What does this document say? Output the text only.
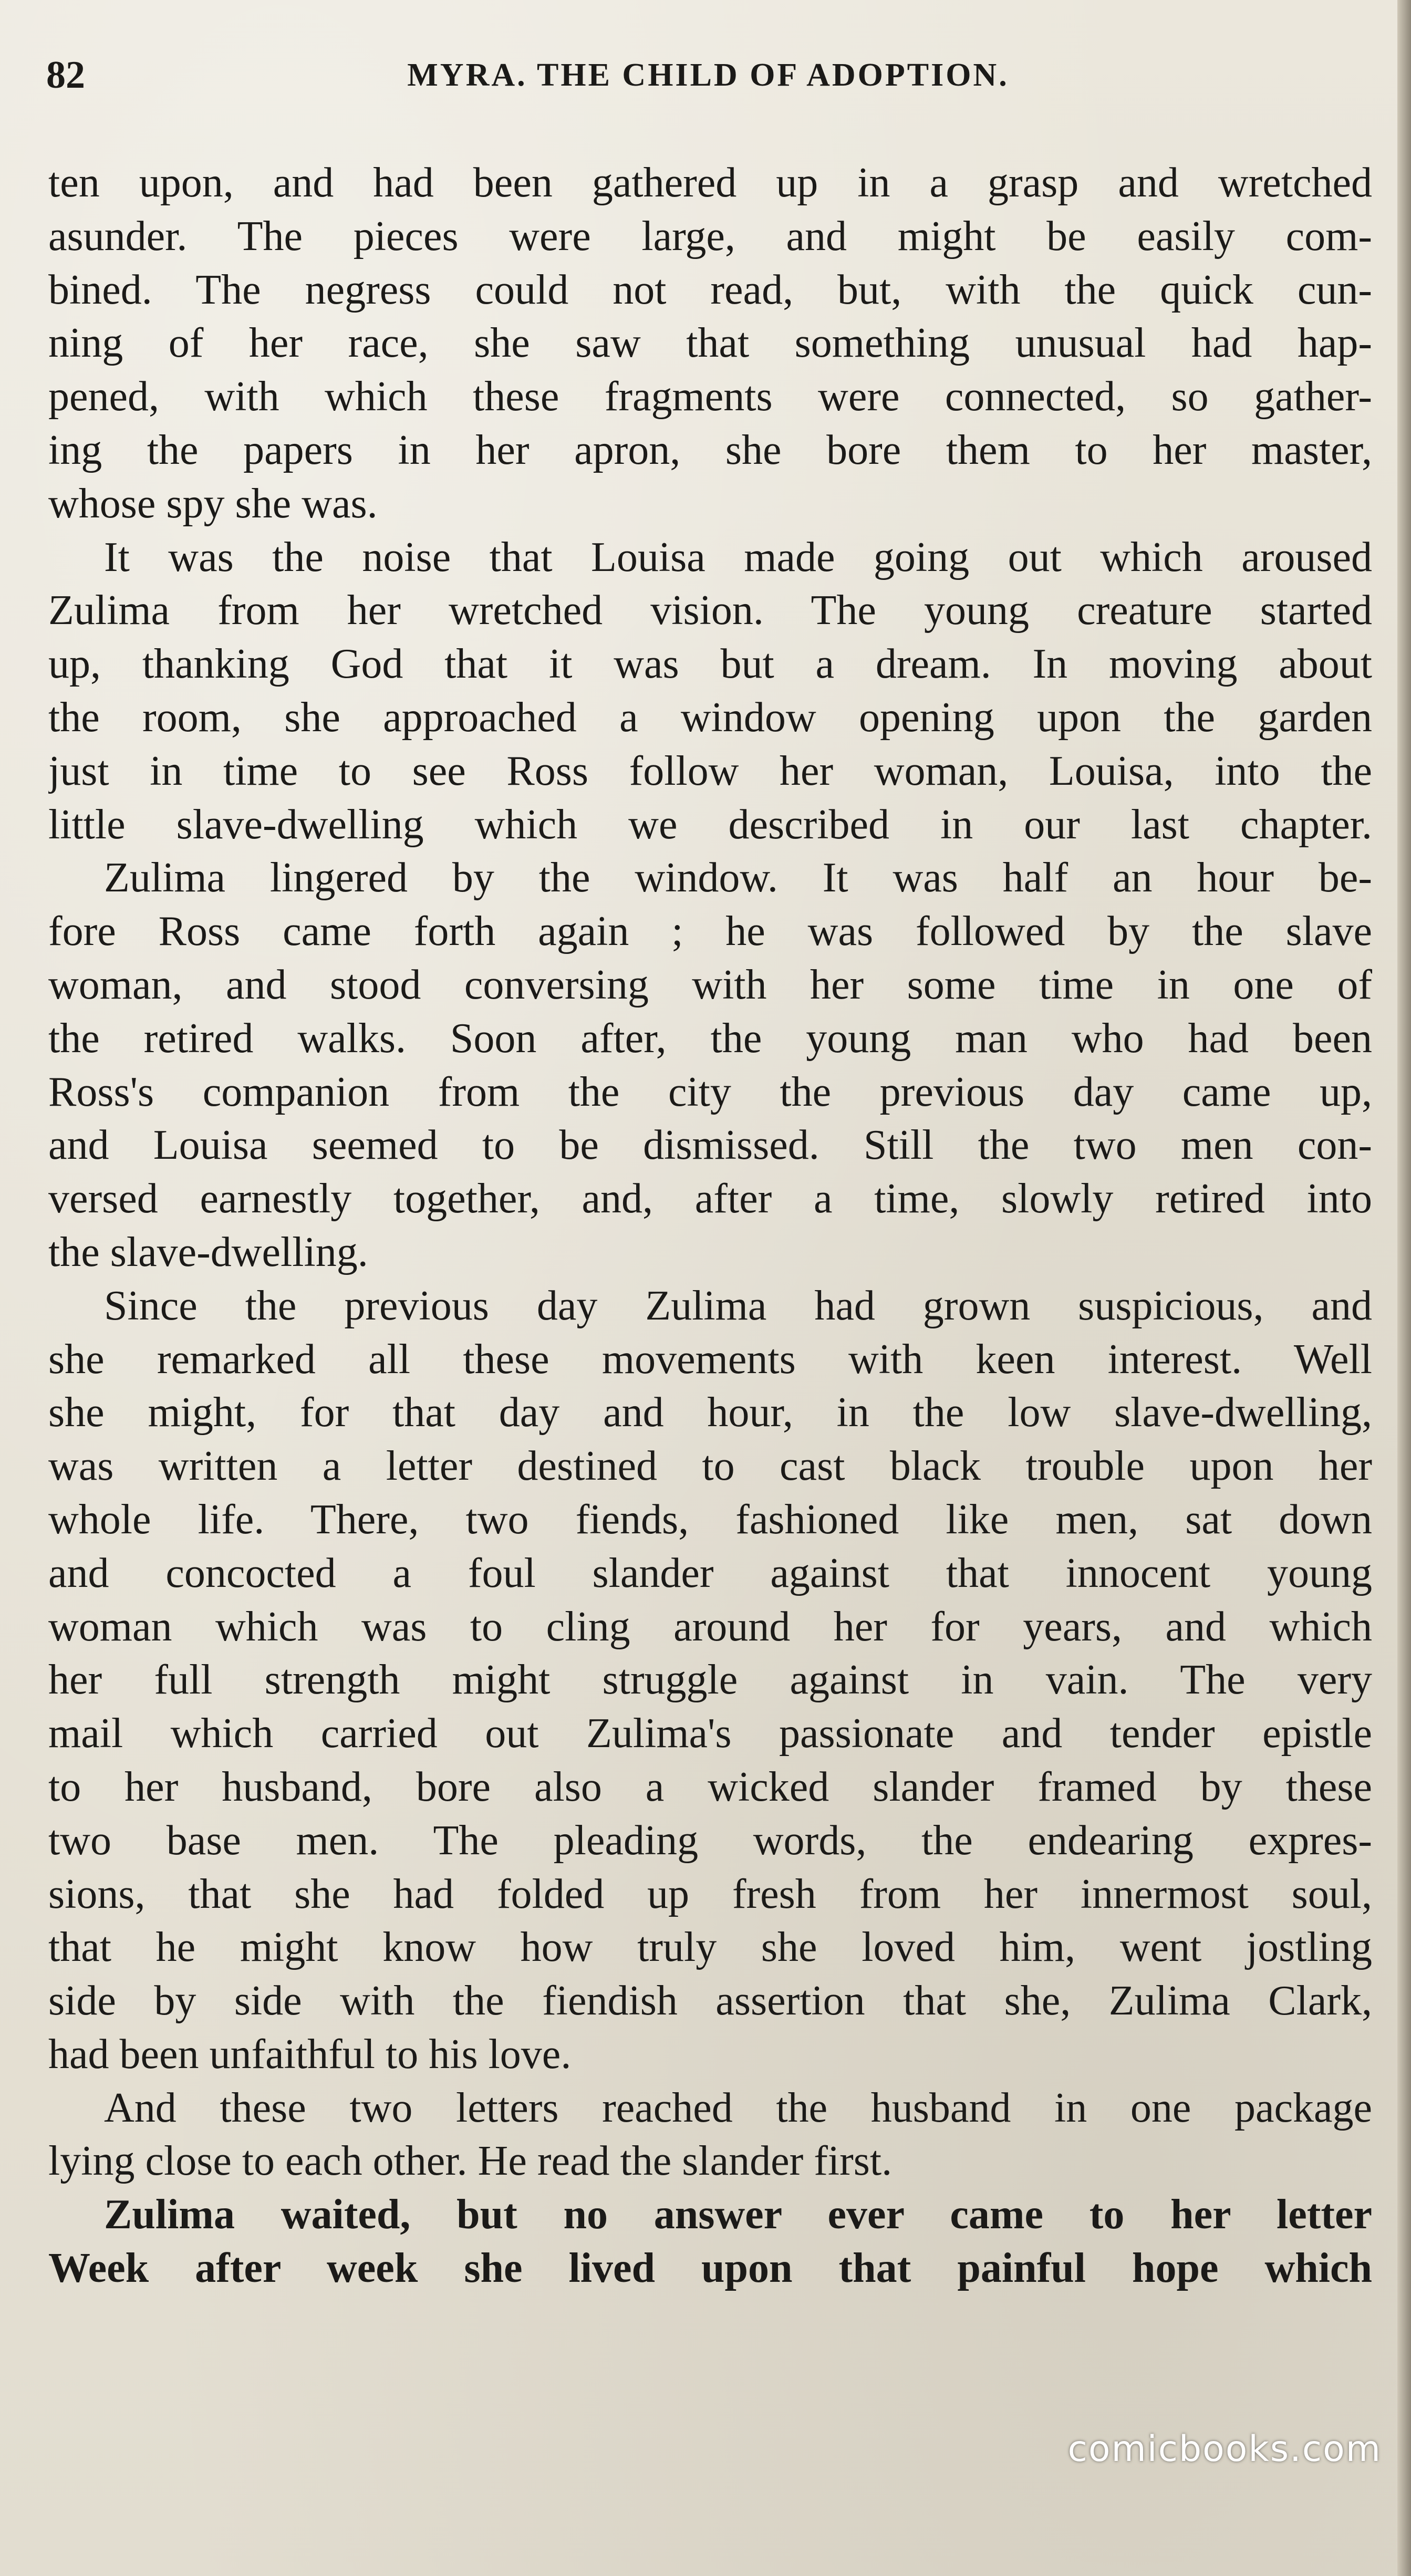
MYRA. THE CHILD OF ADOPTION.
82
ten upon, and had been gathered up in a grasp and wretched
asunder. The pieces were large, and might be easily com-
bined. The negress could not read, but, with the quick cun-
ning of her race, she saw that something unusual had hap-
pened, with which these fragments were connected, so gather-
ing the papers in her apron, she bore them to her master,
whose spy she was.
It was the noise that Louisa made going out which aroused
Zulima from her wretched vision. The young creature started
up, thanking God that it was but a dream. In moving about
the room, she approached a window opening upon the garden
just in time to see Ross follow her woman, Louisa, into the
little slave-dwelling which we described in our last chapter.
Zulima lingered by the window. It was half an hour be-
fore Ross came forth again ; he was followed by the slave
woman, and stood conversing with her some time in one of
the retired walks. Soon after, the young man who had been
Ross's companion from the city the previous day came up,
and Louisa seemed to be dismissed. Still the two men con-
versed earnestly together, and, after a time, slowly retired into
the slave-dwelling.
Since the previous day Zulima had grown suspicious, and
she remarked all these movements with keen interest. Well
she might, for that day and hour, in the low slave-dwelling,
was written a letter destined to cast black trouble upon her
whole life. There, two fiends, fashioned like men, sat down
and concocted a foul slander against that innocent young
woman which was to cling around her for years, and which
her full strength might struggle against in vain. The very
mail which carried out Zulima's passionate and tender epistle
to her husband, bore also a wicked slander framed by these
two base men. The pleading words, the endearing expres-
sions, that she had folded up fresh from her innermost soul,
that he might know how truly she loved him, went jostling
side by side with the fiendish assertion that she, Zulima Clark,
had been unfaithful to his love.
And these two letters reached the husband in one package
lying close to each other. He read the slander first.
Zulima waited, but no answer ever came to her letter
Week after week she lived upon that painful hope which
comicbooks.com
